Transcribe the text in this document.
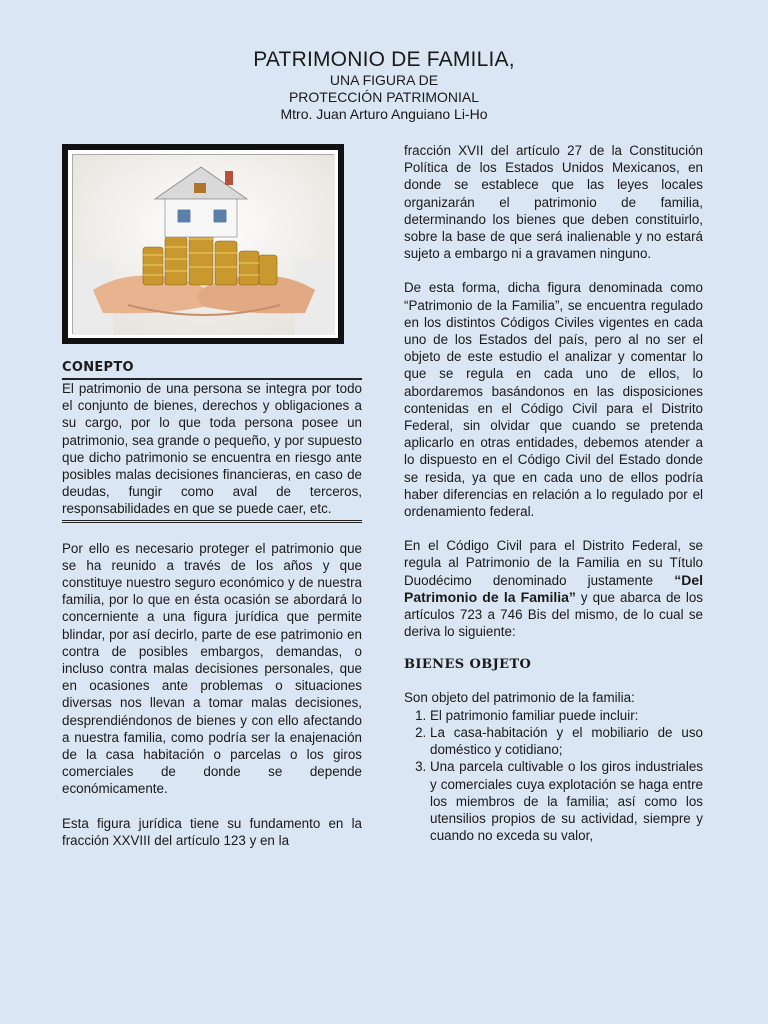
PATRIMONIO DE FAMILIA,
UNA FIGURA DE
PROTECCIÓN PATRIMONIAL
Mtro. Juan Arturo Anguiano Li-Ho
CONEPTO

El patrimonio de una persona se integra por todo el conjunto de bienes, derechos y obligaciones a su cargo, por lo que toda persona posee un patrimonio, sea grande o pequeño, y por supuesto que dicho patrimonio se encuentra en riesgo ante posibles malas decisiones financieras, en caso de deudas, fungir como aval de terceros, responsabilidades en que se puede caer, etc.

Por ello es necesario proteger el patrimonio que se ha reunido a través de los años y que constituye nuestro seguro económico y de nuestra familia, por lo que en ésta ocasión se abordará lo concerniente a una figura jurídica que permite blindar, por así decirlo, parte de ese patrimonio en contra de posibles embargos, demandas, o incluso contra malas decisiones personales, que en ocasiones ante problemas o situaciones diversas nos llevan a tomar malas decisiones, desprendiéndonos de bienes y con ello afectando a nuestra familia, como podría ser la enajenación de la casa habitación o parcelas o los giros comerciales de donde se depende económicamente.

Esta figura jurídica tiene su fundamento en la fracción XXVIII del artículo 123 y en la

fracción XVII del artículo 27 de la Constitución Política de los Estados Unidos Mexicanos, en donde se establece que las leyes locales organizarán el patrimonio de familia, determinando los bienes que deben constituirlo, sobre la base de que será inalienable y no estará sujeto a embargo ni a gravamen ninguno.

De esta forma, dicha figura denominada como “Patrimonio de la Familia”, se encuentra regulado en los distintos Códigos Civiles vigentes en cada uno de los Estados del país, pero al no ser el objeto de este estudio el analizar y comentar lo que se regula en cada uno de ellos, lo abordaremos basándonos en las disposiciones contenidas en el Código Civil para el Distrito Federal, sin olvidar que cuando se pretenda aplicarlo en otras entidades, debemos atender a lo dispuesto en el Código Civil del Estado donde se resida, ya que en cada uno de ellos podría haber diferencias en relación a lo regulado por el ordenamiento federal.

En el Código Civil para el Distrito Federal, se regula al Patrimonio de la Familia en su Título Duodécimo denominado justamente “Del Patrimonio de la Familia” y que abarca de los artículos 723 a 746 Bis del mismo, de lo cual se deriva lo siguiente:

BIENES OBJETO

Son objeto del patrimonio de la familia:

1. El patrimonio familiar puede incluir:
2. La casa-habitación y el mobiliario de uso doméstico y cotidiano;
3. Una parcela cultivable o los giros industriales y comerciales cuya explotación se haga entre los miembros de la familia; así como los utensilios propios de su actividad, siempre y cuando no exceda su valor,
